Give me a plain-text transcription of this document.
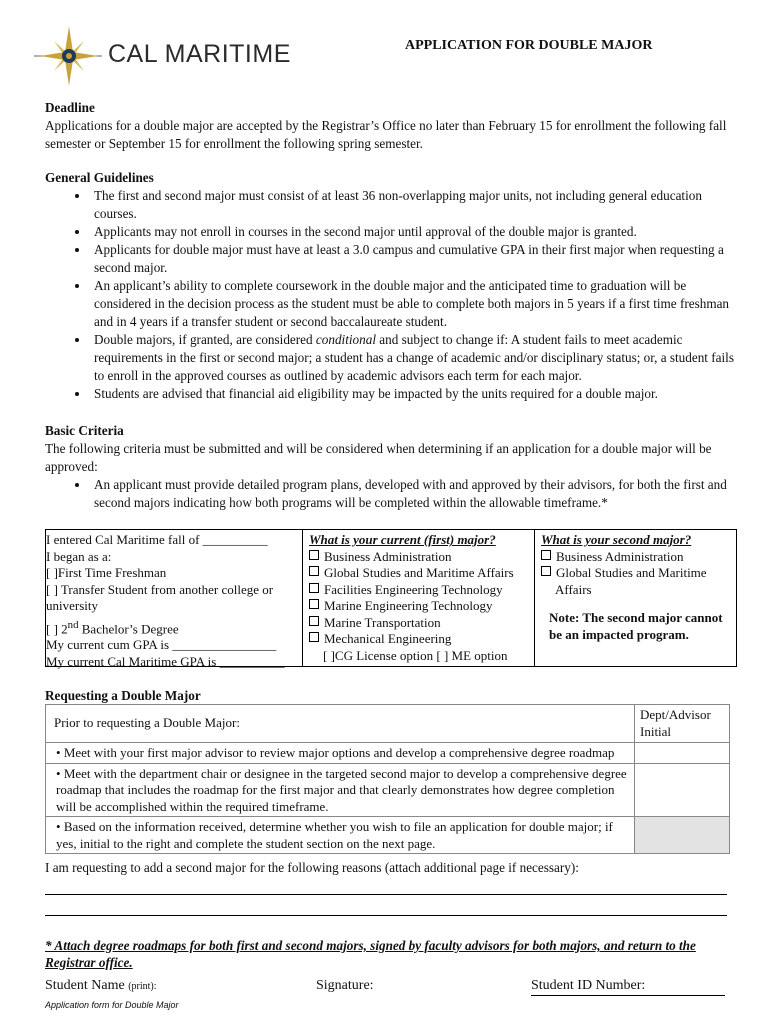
CAL MARITIME	APPLICATION FOR DOUBLE MAJOR
Deadline
Applications for a double major are accepted by the Registrar’s Office no later than February 15 for enrollment the following fall semester or September 15 for enrollment the following spring semester.
General Guidelines
• The first and second major must consist of at least 36 non-overlapping major units, not including general education courses.
• Applicants may not enroll in courses in the second major until approval of the double major is granted.
• Applicants for double major must have at least a 3.0 campus and cumulative GPA in their first major when requesting a second major.
• An applicant’s ability to complete coursework in the double major and the anticipated time to graduation will be considered in the decision process as the student must be able to complete both majors in 5 years if a first time freshman and in 4 years if a transfer student or second baccalaureate student.
• Double majors, if granted, are considered conditional and subject to change if: A student fails to meet academic requirements in the first or second major; a student has a change of academic and/or disciplinary status; or, a student fails to enroll in the approved courses as outlined by academic advisors each term for each major.
• Students are advised that financial aid eligibility may be impacted by the units required for a double major.
Basic Criteria
The following criteria must be submitted and will be considered when determining if an application for a double major will be approved:
• An applicant must provide detailed program plans, developed with and approved by their advisors, for both the first and second majors indicating how both programs will be completed within the allowable timeframe.*
I entered Cal Maritime fall of __________
I began as a:
[ ]First Time Freshman
[ ] Transfer Student from another college or university
[ ] 2nd Bachelor’s Degree
My current cum GPA is ________________
My current Cal Maritime GPA is __________
What is your current (first) major?
Business Administration
Global Studies and Maritime Affairs
Facilities Engineering Technology
Marine Engineering Technology
Marine Transportation
Mechanical Engineering
[ ]CG License option [ ] ME option
What is your second major?
Business Administration
Global Studies and Maritime Affairs
Note: The second major cannot be an impacted program.
Requesting a Double Major
Prior to requesting a Double Major:	Dept/Advisor Initial
• Meet with your first major advisor to review major options and develop a comprehensive degree roadmap	
• Meet with the department chair or designee in the targeted second major to develop a comprehensive degree roadmap that includes the roadmap for the first major and that clearly demonstrates how degree completion will be accomplished within the required timeframe.	
• Based on the information received, determine whether you wish to file an application for double major; if yes, initial to the right and complete the student section on the next page.	
I am requesting to add a second major for the following reasons (attach additional page if necessary):
* Attach degree roadmaps for both first and second majors, signed by faculty advisors for both majors, and return to the Registrar office.
Student Name (print):	Signature:	Student ID Number:
Application form for Double Major
